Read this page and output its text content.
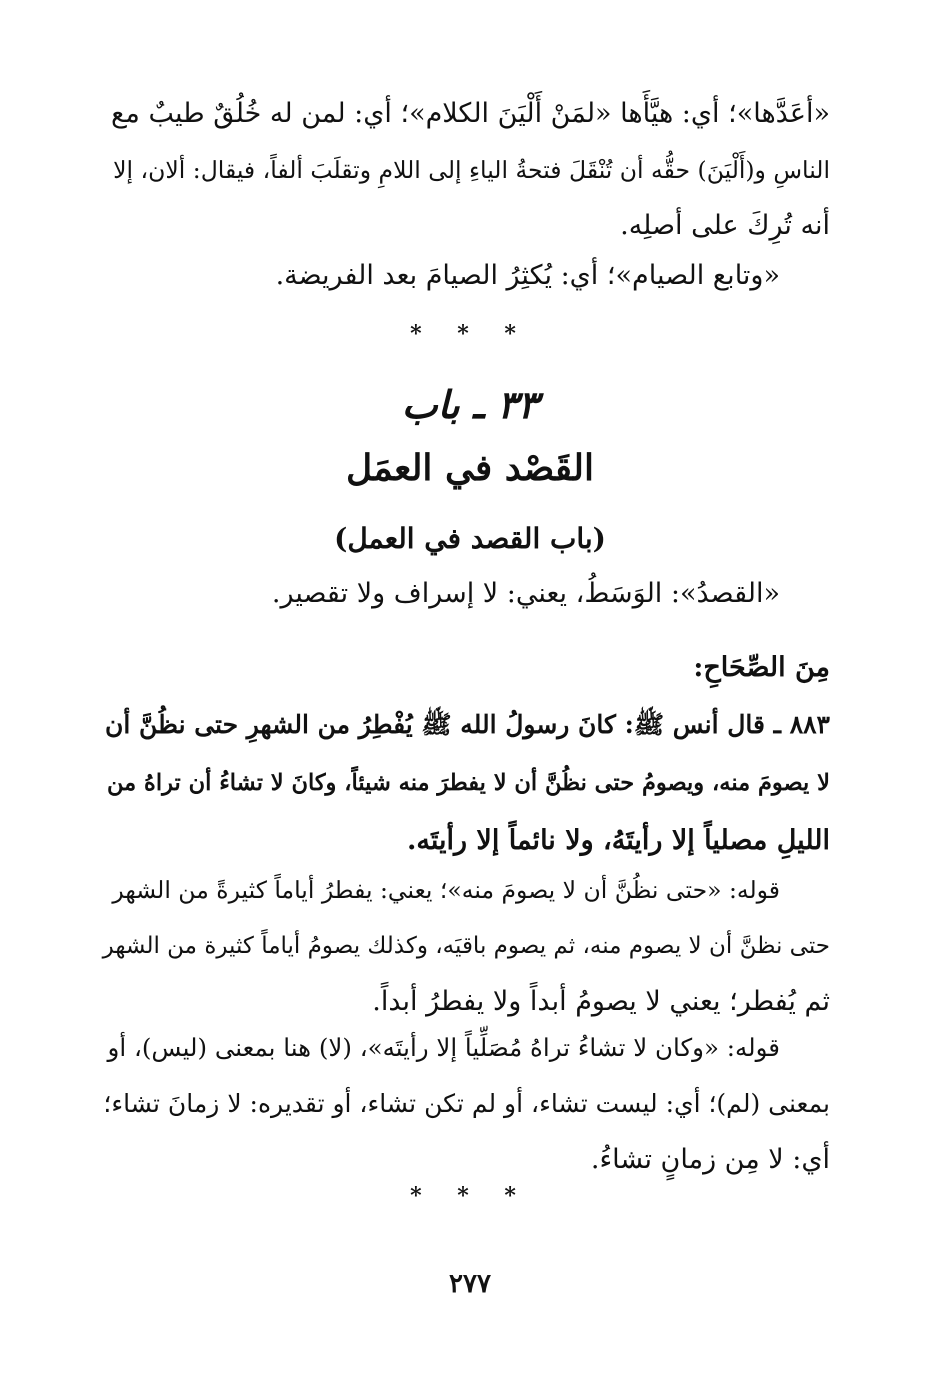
«أعَدَّها»؛ أي: هيَّأَها «لمَنْ أَلْيَنَ الكلام»؛ أي: لمن له خُلُقٌ طيبٌ مع
الناسِ و(أَلْيَنَ) حقُّه أن تُنْقَلَ فتحةُ الياءِ إلى اللامِ وتقلَبَ ألفاً، فيقال: ألان، إلا
أنه تُرِكَ على أصلِه.
«وتابع الصيام»؛ أي: يُكثِرُ الصيامَ بعد الفريضة.
* * *
٣٣ ـ باب
القَصْد في العمَل
(باب القصد في العمل)
«القصدُ»: الوَسَطُ، يعني: لا إسراف ولا تقصير.
مِنَ الصِّحَاحِ:
٨٨٣ ـ قال أنس ﷺ: كانَ رسولُ الله ﷺ يُفْطِرُ من الشهرِ حتى نظُنَّ أن
لا يصومَ منه، ويصومُ حتى نظُنَّ أن لا يفطرَ منه شيئاً، وكانَ لا تشاءُ أن تراهُ من
الليلِ مصلياً إلا رأيتَهُ، ولا نائماً إلا رأيتَه.
قوله: «حتى نظُنَّ أن لا يصومَ منه»؛ يعني: يفطرُ أياماً كثيرةً من الشهر
حتى نظنَّ أن لا يصوم منه، ثم يصوم باقيَه، وكذلك يصومُ أياماً كثيرة من الشهر
ثم يُفطر؛ يعني لا يصومُ أبداً ولا يفطرُ أبداً.
قوله: «وكان لا تشاءُ تراهُ مُصَلِّياً إلا رأيتَه»، (لا) هنا بمعنى (ليس)، أو
بمعنى (لم)؛ أي: ليست تشاء، أو لم تكن تشاء، أو تقديره: لا زمانَ تشاء؛
أي: لا مِن زمانٍ تشاءُ.
* * *
٢٧٧
